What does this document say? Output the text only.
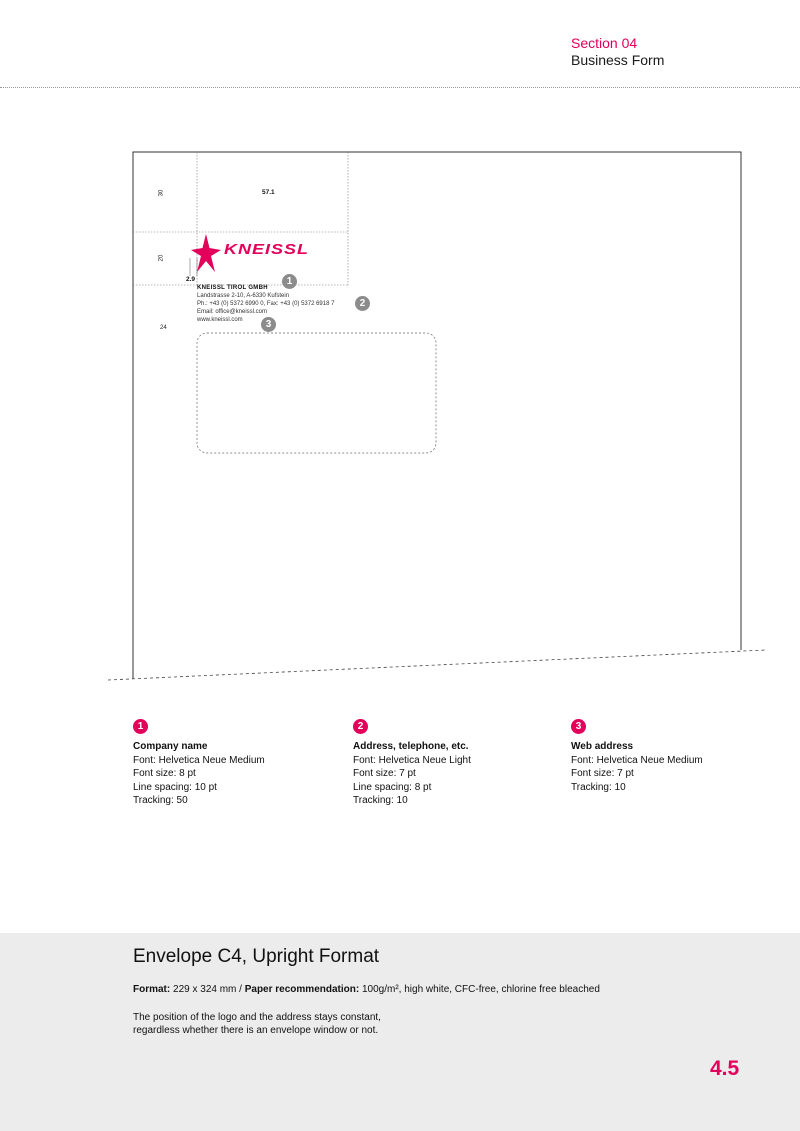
Section 04
Business Form
30
20
24
57.1
2.9
KNEISSL
KNEISSL TIROL GMBH
Landstrasse 2-10, A-6330 Kufstein
Ph.: +43 (0) 5372 6990 0, Fax: +43 (0) 5372 6918 7
Email: office@kneissl.com
www.kneissl.com
1
2
3
1
Company name
Font: Helvetica Neue Medium
Font size: 8 pt
Line spacing: 10 pt
Tracking: 50
2
Address, telephone, etc.
Font: Helvetica Neue Light
Font size: 7 pt
Line spacing: 8 pt
Tracking: 10
3
Web address
Font: Helvetica Neue Medium
Font size: 7 pt
Tracking: 10
Envelope C4, Upright Format
Format: 229 x 324 mm / Paper recommendation: 100g/m², high white, CFC-free, chlorine free bleached
The position of the logo and the address stays constant,
regardless whether there is an envelope window or not.
4.5
